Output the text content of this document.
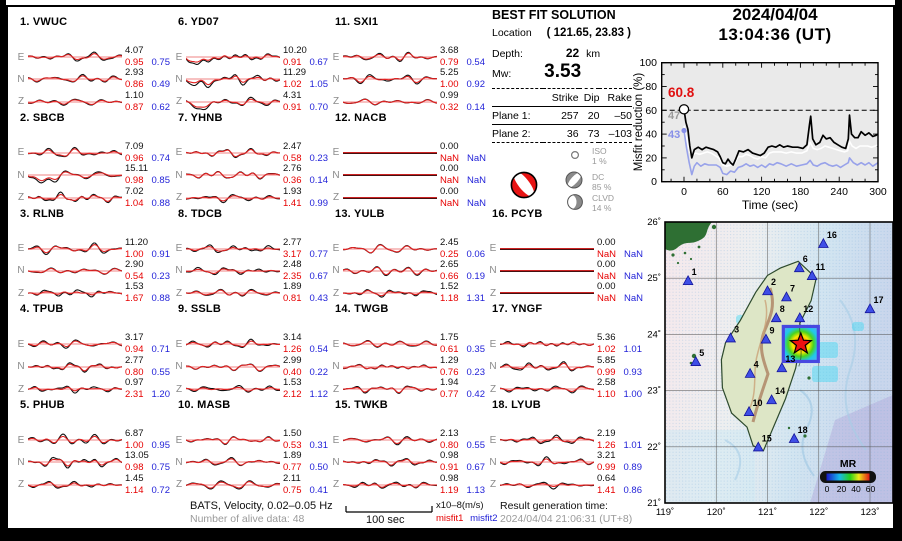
1. VWUC
E
4.07
0.95 0.75
N
2.93
0.86 0.49
Z
1.10
0.87 0.62
2. SBCB
E
7.09
0.96 0.74
N
15.11
0.98 0.85
Z
7.02
1.04 0.88
3. RLNB
E
11.20
1.00 0.91
N
2.90
0.54 0.23
Z
1.53
1.67 0.88
4. TPUB
E
3.17
0.94 0.71
N
2.77
0.80 0.55
Z
0.97
2.31 1.20
5. PHUB
E
6.87
1.00 0.95
N
13.05
0.98 0.75
Z
1.45
1.14 0.72
6. YD07
E
10.20
0.91 0.67
N
11.29
1.02 1.05
Z
4.31
0.91 0.70
7. YHNB
E
2.47
0.58 0.23
N
2.76
0.36 0.14
Z
1.93
1.41 0.99
8. TDCB
E
2.77
3.17 0.77
N
2.48
2.35 0.67
Z
1.89
0.81 0.43
9. SSLB
E
3.14
1.26 0.54
N
2.99
0.40 0.22
Z
1.53
2.12 1.12
10. MASB
E
1.50
0.53 0.31
N
1.89
0.77 0.50
Z
2.11
0.75 0.41
11. SXI1
E
3.68
0.79 0.54
N
5.25
1.00 0.92
Z
0.99
0.32 0.14
12. NACB
E
0.00
NaN NaN
N
0.00
NaN NaN
Z
0.00
NaN NaN
13. YULB
E
2.45
0.25 0.06
N
2.65
0.66 0.19
Z
1.52
1.18 1.31
14. TWGB
E
1.75
0.61 0.35
N
1.29
0.76 0.23
Z
1.94
0.77 0.42
15. TWKB
E
2.13
0.80 0.55
N
0.98
0.91 0.67
Z
0.98
1.19 1.13
16. PCYB
E
0.00
NaN NaN
N
0.00
NaN NaN
Z
0.00
NaN NaN
17. YNGF
E
5.36
1.02 1.01
N
5.85
0.99 0.93
Z
2.58
1.10 1.00
18. LYUB
E
2.19
1.26 1.01
N
3.21
0.99 0.89
Z
0.64
1.41 0.86
BEST FIT SOLUTION
Location ( 121.65, 23.83 )
Depth:	22 km
Mw: 3.53
	Strike	Dip	Rake
Plane 1:	257	20	–50
Plane 2:	36	73	–103
ISO
1 %
DC
85 %
CLVD
14 %
2024/04/04
13:04:36 (UT)
60.8
47
43
0	60 120 180 240 300
0
20
40
60
80
100
Time (sec)
Misfit reduction (%)
1
2
3
4
5
6
7
8
9
10
11
12
13
14
15
16
17
18
26˚
25˚
24˚
23˚
22˚
21˚
119˚	120˚	121˚	122˚	123˚
MR
0 20 40 60
BATS, Velocity, 0.02–0.05 Hz
Number of alive data: 48	100 sec
x10–8(m/s)
misfit1 misfit2
Result generation time:
2024/04/04 21:06:31 (UT+8)
